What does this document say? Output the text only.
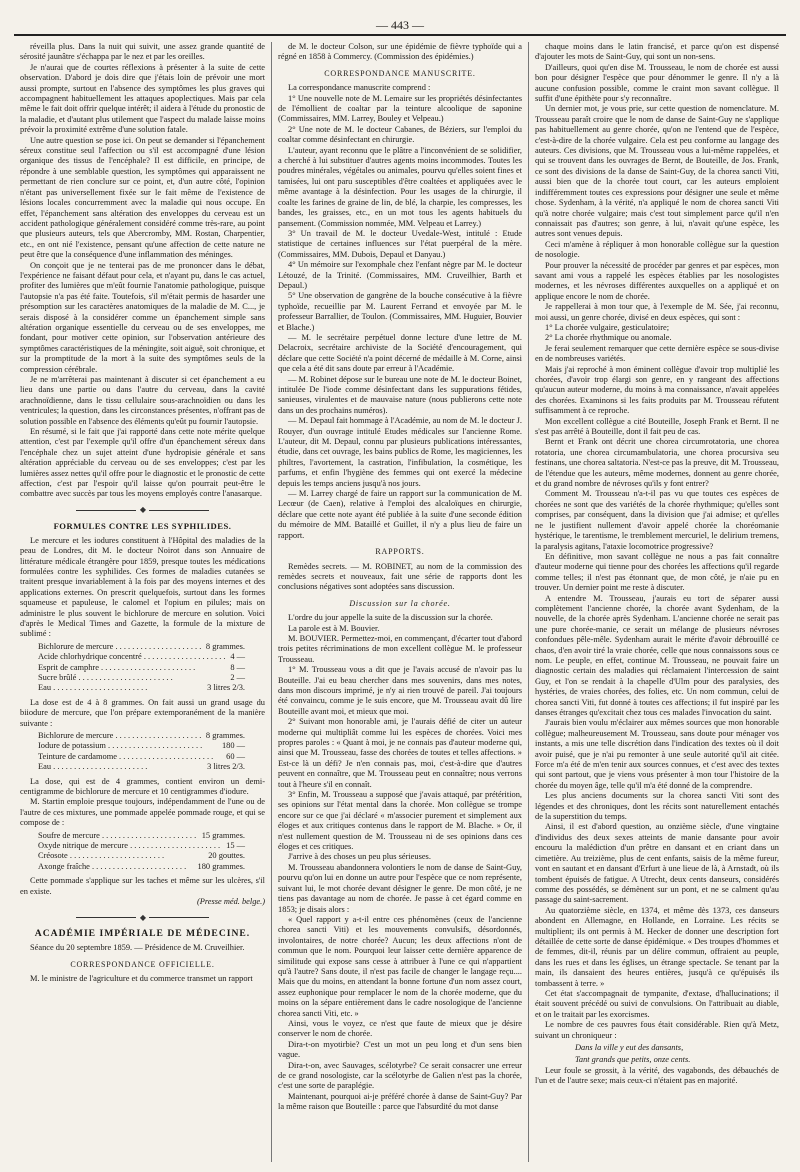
— 443 —

réveilla plus. Dans la nuit qui suivit, une assez grande quantité de sérosité jaunâtre s'échappa par le nez et par les oreilles.

Je n'aurai que de courtes réflexions à présenter à la suite de cette observation. D'abord je dois dire que j'étais loin de prévoir une mort aussi prompte, surtout en l'absence des symptômes les plus graves qui accompagnent habituellement les attaques apoplectiques. Mais par cela même le fait doit offrir quelque intérêt; il aidera à l'étude du pronostic de la maladie, et d'autant plus utilement que l'aspect du malade laisse moins prévoir la proximité extrême d'une solution fatale.

Une autre question se pose ici. On peut se demander si l'épanchement séreux constitue seul l'affection ou s'il est accompagné d'une lésion organique des tissus de l'encéphale? Il est difficile, en principe, de répondre à une semblable question, les symptômes qui apparaissent ne permettant de rien conclure sur ce point, et, d'un autre côté, l'opinion n'étant pas universellement fixée sur le fait même de l'existence de lésions locales concurremment avec la maladie qui nous occupe. En effet, l'épanchement sans altération des enveloppes du cerveau est un accident pathologique généralement considéré comme très-rare, au point que plusieurs auteurs, tels que Abercromby, MM. Rostan, Charpentier, etc., en ont nié l'existence, pensant qu'une affection de cette nature ne peut être que la conséquence d'une inflammation des méninges.

On conçoit que je ne tenterai pas de me prononcer dans le débat, l'expérience ne faisant défaut pour cela, et n'ayant pu, dans le cas actuel, profiter des lumières que m'eût fournie l'anatomie pathologique, puisque l'autopsie n'a pas été faite. Toutefois, s'il m'était permis de hasarder une présomption sur les caractères anatomiques de la maladie de M. C..., je serais disposé à la considérer comme un épanchement simple sans altération organique essentielle du cerveau ou de ses enveloppes, me fondant, pour motiver cette opinion, sur l'observation antérieure des symptômes caractéristiques de la méningite, soit aiguë, soit chronique, et sur la promptitude de la mort à la suite des symptômes seuls de la compression cérébrale.

Je ne m'arrêterai pas maintenant à discuter si cet épanchement a eu lieu dans une partie ou dans l'autre du cerveau, dans la cavité arachnoïdienne, dans le tissu cellulaire sous-arachnoïdien ou dans les ventricules; la question, dans les circonstances présentes, n'offrant pas de solution possible en l'absence des éléments qu'eût pu fournir l'autopsie.

En résumé, si le fait que j'ai rapporté dans cette note mérite quelque attention, c'est par l'exemple qu'il offre d'un épanchement séreux dans l'encéphale chez un sujet atteint d'une hydropisie générale et sans altération appréciable du cerveau ou de ses enveloppes; c'est par les lumières assez nettes qu'il offre pour le diagnostic et le pronostic de cette affection, c'est par l'espoir qu'il laisse qu'on pourrait peut-être le combattre avec succès par tous les moyens employés contre l'anasarque.

◆
FORMULES CONTRE LES SYPHILIDES.

Le mercure et les iodures constituent à l'Hôpital des maladies de la peau de Londres, dit M. le docteur Noirot dans son Annuaire de littérature médicale étrangère pour 1859, presque toutes les médications formulées contre les syphilides. Ces formes de maladies cutanées se traitent presque invariablement à la fois par des moyens internes et des applications externes. On prescrit quelquefois, surtout dans les formes squameuse et papuleuse, le calomel et l'opium en pilules; mais on administre le plus souvent le bichlorure de mercure en solution. Voici d'après le Medical Times and Gazette, la formule de la mixture de sublimé :

Bichlorure de mercure . . .	8 grammes.
Acide chlorhydrique concentré . . .	4 —
Esprit de camphre . . .	8 —
Sucre brûlé . . .	2 —
Eau . . .	3 litres 2/3.

La dose est de 4 à 8 grammes. On fait aussi un grand usage du biiodure de mercure, que l'on prépare extemporanément de la manière suivante :

Bichlorure de mercure . . .	8 grammes.
Iodure de potassium . . .	180 —
Teinture de cardamome . . .	60 —
Eau . . .	3 litres 2/3.

La dose, qui est de 4 grammes, contient environ un demi-centigramme de bichlorure de mercure et 10 centigrammes d'iodure.

M. Startin emploie presque toujours, indépendamment de l'une ou de l'autre de ces mixtures, une pommade appelée pommade rouge, et qui se compose de :

Soufre de mercure . . .	15 grammes.
Oxyde nitrique de mercure . . .	15 —
Créosote . . .	20 gouttes.
Axonge fraîche . . .	180 grammes.

Cette pommade s'applique sur les taches et même sur les ulcères, s'il en existe.

(Presse méd. belge.)
◆
ACADÉMIE IMPÉRIALE DE MÉDECINE.

Séance du 20 septembre 1859. — Présidence de M. Cruveilhier.

CORRESPONDANCE OFFICIELLE.

M. le ministre de l'agriculture et du commerce transmet un rapport

de M. le docteur Colson, sur une épidémie de fièvre typhoïde qui a régné en 1858 à Commercy. (Commission des épidémies.)

CORRESPONDANCE MANUSCRITE.

La correspondance manuscrite comprend :

1° Une nouvelle note de M. Lemaire sur les propriétés désinfectantes de l'émollient de coaltar par la teinture alcoolique de saponine (Commissaires, MM. Larrey, Bouley et Velpeau.)

2° Une note de M. le docteur Cabanes, de Béziers, sur l'emploi du coaltar comme désinfectant en chirurgie.

L'auteur, ayant reconnu que le plâtre a l'inconvénient de se solidifier, a cherché à lui substituer d'autres agents moins incommodes. Toutes les poudres minérales, végétales ou animales, pourvu qu'elles soient fines et tamisées, lui ont paru susceptibles d'être coaltées et appliquées avec le même avantage à la désinfection. Pour les usages de la chirurgie, il coalte les farines de graine de lin, de blé, la charpie, les compresses, les bandes, les graisses, etc., en un mot tous les agents habituels du pansement. (Commission nommée, MM. Velpeau et Larrey.)

3° Un travail de M. le docteur Uvedale-West, intitulé : Etude statistique de certaines influences sur l'état puerpéral de la mère. (Commissaires, MM. Dubois, Depaul et Danyau.)

4° Un mémoire sur l'exomphale chez l'enfant nègre par M. le docteur Létouzé, de la Trinité. (Commissaires, MM. Cruveilhier, Barth et Depaul.)

5° Une observation de gangrène de la bouche consécutive à la fièvre typhoïde, recueillie par M. Laurent Ferrand et envoyée par M. le professeur Barrallier, de Toulon. (Commissaires, MM. Huguier, Bouvier et Blache.)

— M. le secrétaire perpétuel donne lecture d'une lettre de M. Delacroix, secrétaire archiviste de la Société d'encouragement, qui déclare que cette Société n'a point décerné de médaille à M. Corne, ainsi que cela a été dit sans doute par erreur à l'Académie.

— M. Robinet dépose sur le bureau une note de M. le docteur Boinet, intitulée De l'iode comme désinfectant dans les suppurations fétides, sanieuses, virulentes et de mauvaise nature (nous publierons cette note dans un des prochains numéros).

— M. Depaul fait hommage à l'Académie, au nom de M. le docteur J. Rouyer, d'un ouvrage intitulé Etudes médicales sur l'ancienne Rome. L'auteur, dit M. Depaul, connu par plusieurs publications intéressantes, étudie, dans cet ouvrage, les bains publics de Rome, les magiciennes, les philtres, l'avortement, la castration, l'infibulation, la cosmétique, les parfums, et enfin l'hygiène des femmes qui ont exercé la médecine depuis les temps anciens jusqu'à nos jours.

— M. Larrey chargé de faire un rapport sur la communication de M. Lecœur (de Caen), relative à l'emploi des alcaloïques en chirurgie, déclare que cette note ayant été publiée à la suite d'une seconde édition du mémoire de MM. Bataillé et Guillet, il n'y a plus lieu de faire un rapport.

RAPPORTS.

Remèdes secrets. — M. ROBINET, au nom de la commission des remèdes secrets et nouveaux, fait une série de rapports dont les conclusions négatives sont adoptées sans discussion.

Discussion sur la chorée.

L'ordre du jour appelle la suite de la discussion sur la chorée.

La parole est à M. Bouvier.

M. BOUVIER. Permettez-moi, en commençant, d'écarter tout d'abord trois petites récriminations de mon excellent collègue M. le professeur Trousseau.

1° M. Trousseau vous a dit que je l'avais accusé de n'avoir pas lu Bouteille. J'ai eu beau chercher dans mes souvenirs, dans mes notes, dans mon discours imprimé, je n'y ai rien trouvé de pareil. J'ai toujours été convaincu, comme je le suis encore, que M. Trousseau avait dû lire Bouteille avant moi, et mieux que moi.

2° Suivant mon honorable ami, je l'aurais défié de citer un auteur moderne qui multipliât comme lui les espèces de chorées. Voici mes propres paroles : « Quant à moi, je ne connais pas d'auteur moderne qui, ainsi que M. Trousseau, fasse des chorées de toutes et telles affections. » Est-ce là un défi? Je n'en connais pas, moi, c'est-à-dire que d'autres peuvent en connaître, que M. Trousseau peut en connaître; nous verrons tout à l'heure s'il en connaît.

3° Enfin, M. Trousseau a supposé que j'avais attaqué, par prétérition, ses opinions sur l'état mental dans la chorée. Mon collègue se trompe encore sur ce que j'ai déclaré « m'associer purement et simplement aux éloges et aux critiques contenus dans le rapport de M. Blache. » Or, il n'est nullement question de M. Trousseau ni de ses opinions dans ces éloges et ces critiques.

J'arrive à des choses un peu plus sérieuses.

M. Trousseau abandonnera volontiers le nom de danse de Saint-Guy, pourvu qu'on lui en donne un autre pour l'espèce que ce nom représente, suivant lui, le mot chorée devant désigner le genre. De mon côté, je ne tiens pas davantage au nom de chorée. Je passe à cet égard comme en 1853; je disais alors :

« Quel rapport y a-t-il entre ces phénomènes (ceux de l'ancienne chorea sancti Viti) et les mouvements convulsifs, désordonnés, involontaires, de notre chorée? Aucun; les deux affections n'ont de commun que le nom. Pourquoi leur laisser cette dernière apparence de similitude qui expose sans cesse à attribuer à l'une ce qui n'appartient qu'à l'autre? Sans doute, il n'est pas facile de changer le langage reçu.... Mais que du moins, en attendant la bonne fortune d'un nom assez court, assez euphonique pour remplacer le nom de la chorée moderne, que du moins on la sépare entièrement dans le cadre nosologique de l'ancienne chorea sancti Viti, etc. »

Ainsi, vous le voyez, ce n'est que faute de mieux que je désire conserver le nom de chorée.

Dira-t-on myotirbie? C'est un mot un peu long et d'un sens bien vague.

Dira-t-on, avec Sauvages, scélotyrbe? Ce serait consacrer une erreur de ce grand nosologiste, car la scélotyrbe de Galien n'est pas la chorée, c'est une sorte de paraplégie.

Maintenant, pourquoi ai-je préféré chorée à danse de Saint-Guy? Par la même raison que Bouteille : parce que l'absurdité du mot danse

chaque moins dans le latin francisé, et parce qu'on est dispensé d'ajouter les mots de Saint-Guy, qui sont un non-sens.

D'ailleurs, quoi qu'en dise M. Trousseau, le nom de chorée est aussi bon pour désigner l'espèce que pour dénommer le genre. Il n'y a là aucune confusion possible, comme le craint mon savant collègue. Il suffit d'une épithète pour s'y reconnaître.

Un dernier mot, je vous prie, sur cette question de nomenclature. M. Trousseau paraît croire que le nom de danse de Saint-Guy ne s'applique pas habituellement au genre chorée, qu'on ne l'entend que de l'espèce, c'est-à-dire de la chorée vulgaire. Cela est peu conforme au langage des auteurs. Ces divisions, que M. Trousseau vous a lui-même rappelées, et qui se trouvent dans les ouvrages de Bernt, de Bouteille, de Jos. Frank, ce sont des divisions de la danse de Saint-Guy, de la chorea sancti Viti, aussi bien que de la chorée tout court, car les auteurs emploient indifféremment toutes ces expressions pour désigner une seule et même chose. Sydenham, à la vérité, n'a appliqué le nom de chorea sancti Viti qu'à notre chorée vulgaire; mais c'est tout simplement parce qu'il n'en connaissait pas d'autres; son genre, à lui, n'avait qu'une espèce, les autres sont venues depuis.

Ceci m'amène à répliquer à mon honorable collègue sur la question de nosologie.

Pour prouver la nécessité de procéder par genres et par espèces, mon savant ami vous a rappelé les espèces établies par les nosologistes modernes, et les névroses différentes auxquelles on a appliqué et on applique encore le nom de chorée.

Je rappellerai à mon tour que, à l'exemple de M. Sée, j'ai reconnu, moi aussi, un genre chorée, divisé en deux espèces, qui sont :

1° La chorée vulgaire, gesticulatoire;

2° La chorée rhythmique ou anomale.

Je ferai seulement remarquer que cette dernière espèce se sous-divise en de nombreuses variétés.

Mais j'ai reproché à mon éminent collègue d'avoir trop multiplié les chorées, d'avoir trop élargi son genre, en y rangeant des affections qu'aucun auteur moderne, du moins à ma connaissance, n'avait appelées des chorées. Examinons si les faits produits par M. Trousseau réfutent suffisamment à ce reproche.

Mon excellent collègue a cité Bouteille, Joseph Frank et Bernt. Il ne s'est pas arrêté à Bouteille, dont il fait peu de cas.

Bernt et Frank ont décrit une chorea circumrotatoria, une chorea rotatoria, une chorea circumambulatoria, une chorea procursiva seu festinans, une chorea saltatoria. N'est-ce pas la preuve, dit M. Trousseau, de l'étendue que les auteurs, même modernes, donnent au genre chorée, et du grand nombre de névroses qu'ils y font entrer?

Comment M. Trousseau n'a-t-il pas vu que toutes ces espèces de chorées ne sont que des variétés de la chorée rhythmique; qu'elles sont comprises, par conséquent, dans la division que j'ai admise; et qu'elles ne le justifient nullement d'avoir appelé chorée la choréomanie hystérique, le tarentisme, le tremblement mercuriel, le delirium tremens, la paralysis agitans, l'ataxie locomotrice progressive?

En définitive, mon savant collègue ne nous a pas fait connaître d'auteur moderne qui tienne pour des chorées les affections qu'il regarde comme telles; il n'est pas étonnant que, de mon côté, je n'aie pu en trouver. Un dernier point me reste à discuter.

A entendre M. Trousseau, j'aurais eu tort de séparer aussi complètement l'ancienne chorée, la chorée avant Sydenham, de la nouvelle, de la chorée après Sydenham. L'ancienne chorée ne serait pas une pure chorée-manie, ce serait un mélange de plusieurs névroses confondues pêle-mêle. Sydenham aurait le mérite d'avoir débrouillé ce chaos, d'en avoir tiré la vraie chorée, celle que nous connaissons sous ce nom. Le peuple, en effet, continue M. Trousseau, ne pouvait faire un diagnostic certain des maladies qui réclamaient l'intercession de saint Guy, et l'on se rendait à la chapelle d'Ulm pour des paralysies, des hystéries, de vraies chorées, des folies, etc. Un nom commun, celui de chorea sancti Viti, fut donné à toutes ces affections; il fut inspiré par les danses étranges qu'excitait chez tous ces malades l'invocation du saint.

J'aurais bien voulu m'éclairer aux mêmes sources que mon honorable collègue; malheureusement M. Trousseau, sans doute pour ménager vos instants, a mis une telle discrétion dans l'indication des textes où il doit avoir puisé, que je n'ai pu remonter à une seule autorité qu'il ait citée. Force m'a été de m'en tenir aux sources connues, et c'est avec des textes qui sont partout, que je viens vous présenter à mon tour l'histoire de la chorée du moyen âge, telle qu'il m'a été donné de la comprendre.

Les plus anciens documents sur la chorea sancti Viti sont des légendes et des chroniques, dont les récits sont naturellement entachés de la superstition du temps.

Ainsi, il est d'abord question, au onzième siècle, d'une vingtaine d'individus des deux sexes atteints de manie dansante pour avoir encouru la malédiction d'un prêtre en dansant et en criant dans un cimetière. Au treizième, plus de cent enfants, saisis de la même fureur, vont en sautant et en dansant d'Erfurt à une lieue de là, à Arnstadt, où ils tombent épuisés de fatigue. A Utrecht, deux cents danseurs, considérés comme des possédés, se démènent sur un pont, et ne se calment qu'au passage du saint-sacrement.

Au quatorzième siècle, en 1374, et même dès 1373, ces danseurs abondent en Allemagne, en Hollande, en Lorraine. Les récits se multiplient; ils ont permis à M. Hecker de donner une description fort détaillée de cette sorte de danse épidémique. « Des troupes d'hommes et de femmes, dit-il, réunis par un délire commun, offraient au peuple, dans les rues et dans les églises, un étrange spectacle. Se tenant par la main, ils dansaient des heures entières, jusqu'à ce qu'épuisés ils tombassent à terre. »

Cet état s'accompagnait de tympanite, d'extase, d'hallucinations; il était souvent précédé ou suivi de convulsions. On l'attribuait au diable, et on le traitait par les exorcismes.

Le nombre de ces pauvres fous était considérable. Rien qu'à Metz, suivant un chroniqueur :

Dans la ville y eut des dansants,
Tant grands que petits, onze cents.

Leur foule se grossit, à la vérité, des vagabonds, des débauchés de l'un et de l'autre sexe; mais ceux-ci n'étaient pas en majorité.
